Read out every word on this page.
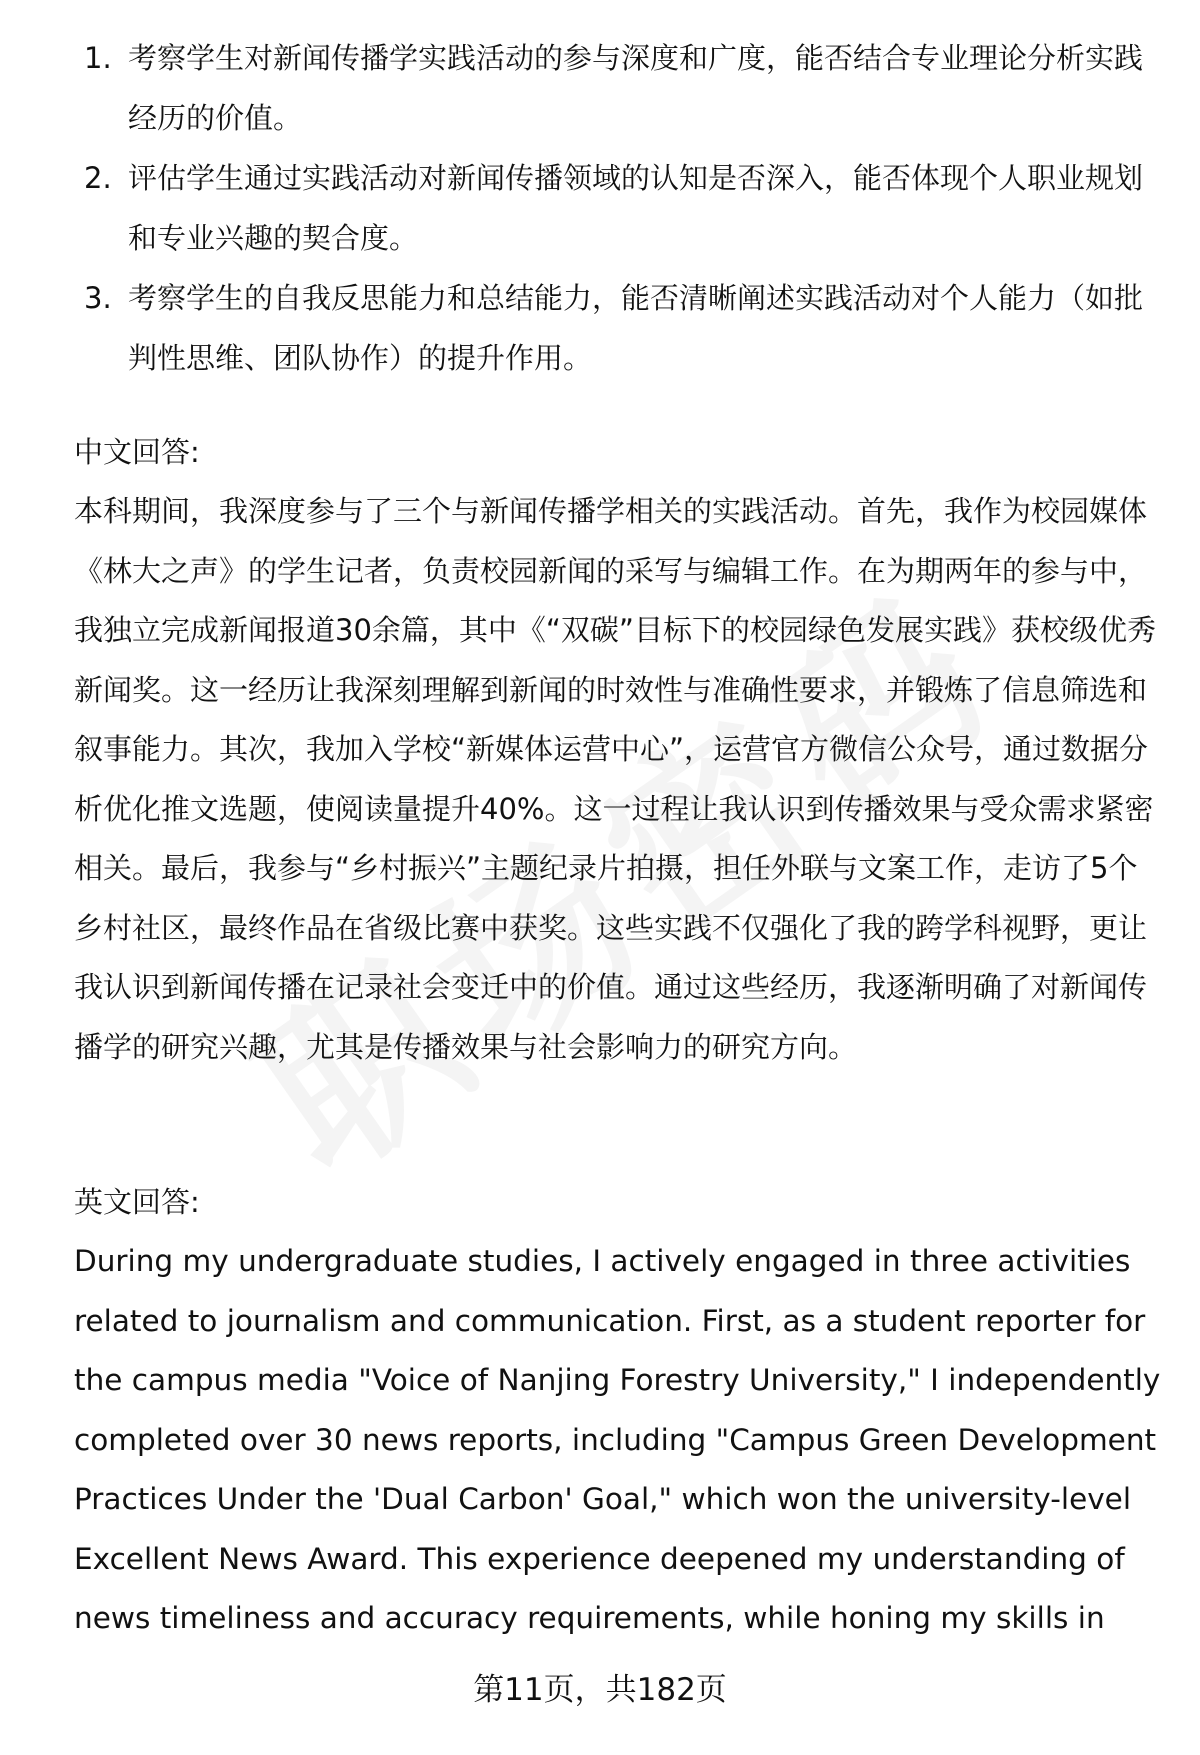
1. 考察学生对新闻传播学实践活动的参与深度和广度，能否结合专业理论分析实践经历的价值。
2. 评估学生通过实践活动对新闻传播领域的认知是否深入，能否体现个人职业规划和专业兴趣的契合度。
3. 考察学生的自我反思能力和总结能力，能否清晰阐述实践活动对个人能力（如批判性思维、团队协作）的提升作用。
中文回答:
本科期间，我深度参与了三个与新闻传播学相关的实践活动。首先，我作为校园媒体《林大之声》的学生记者，负责校园新闻的采写与编辑工作。在为期两年的参与中，我独立完成新闻报道30余篇，其中《“双碳”目标下的校园绿色发展实践》获校级优秀新闻奖。这一经历让我深刻理解到新闻的时效性与准确性要求，并锻炼了信息筛选和叙事能力。其次，我加入学校“新媒体运营中心”，运营官方微信公众号，通过数据分析优化推文选题，使阅读量提升40%。这一过程让我认识到传播效果与受众需求紧密相关。最后，我参与“乡村振兴”主题纪录片拍摄，担任外联与文案工作，走访了5个乡村社区，最终作品在省级比赛中获奖。这些实践不仅强化了我的跨学科视野，更让我认识到新闻传播在记录社会变迁中的价值。通过这些经历，我逐渐明确了对新闻传播学的研究兴趣，尤其是传播效果与社会影响力的研究方向。
英文回答:
During my undergraduate studies, I actively engaged in three activities related to journalism and communication. First, as a student reporter for the campus media "Voice of Nanjing Forestry University," I independently completed over 30 news reports, including "Campus Green Development Practices Under the 'Dual Carbon' Goal," which won the university-level Excellent News Award. This experience deepened my understanding of news timeliness and accuracy requirements, while honing my skills in
第11页，共182页
